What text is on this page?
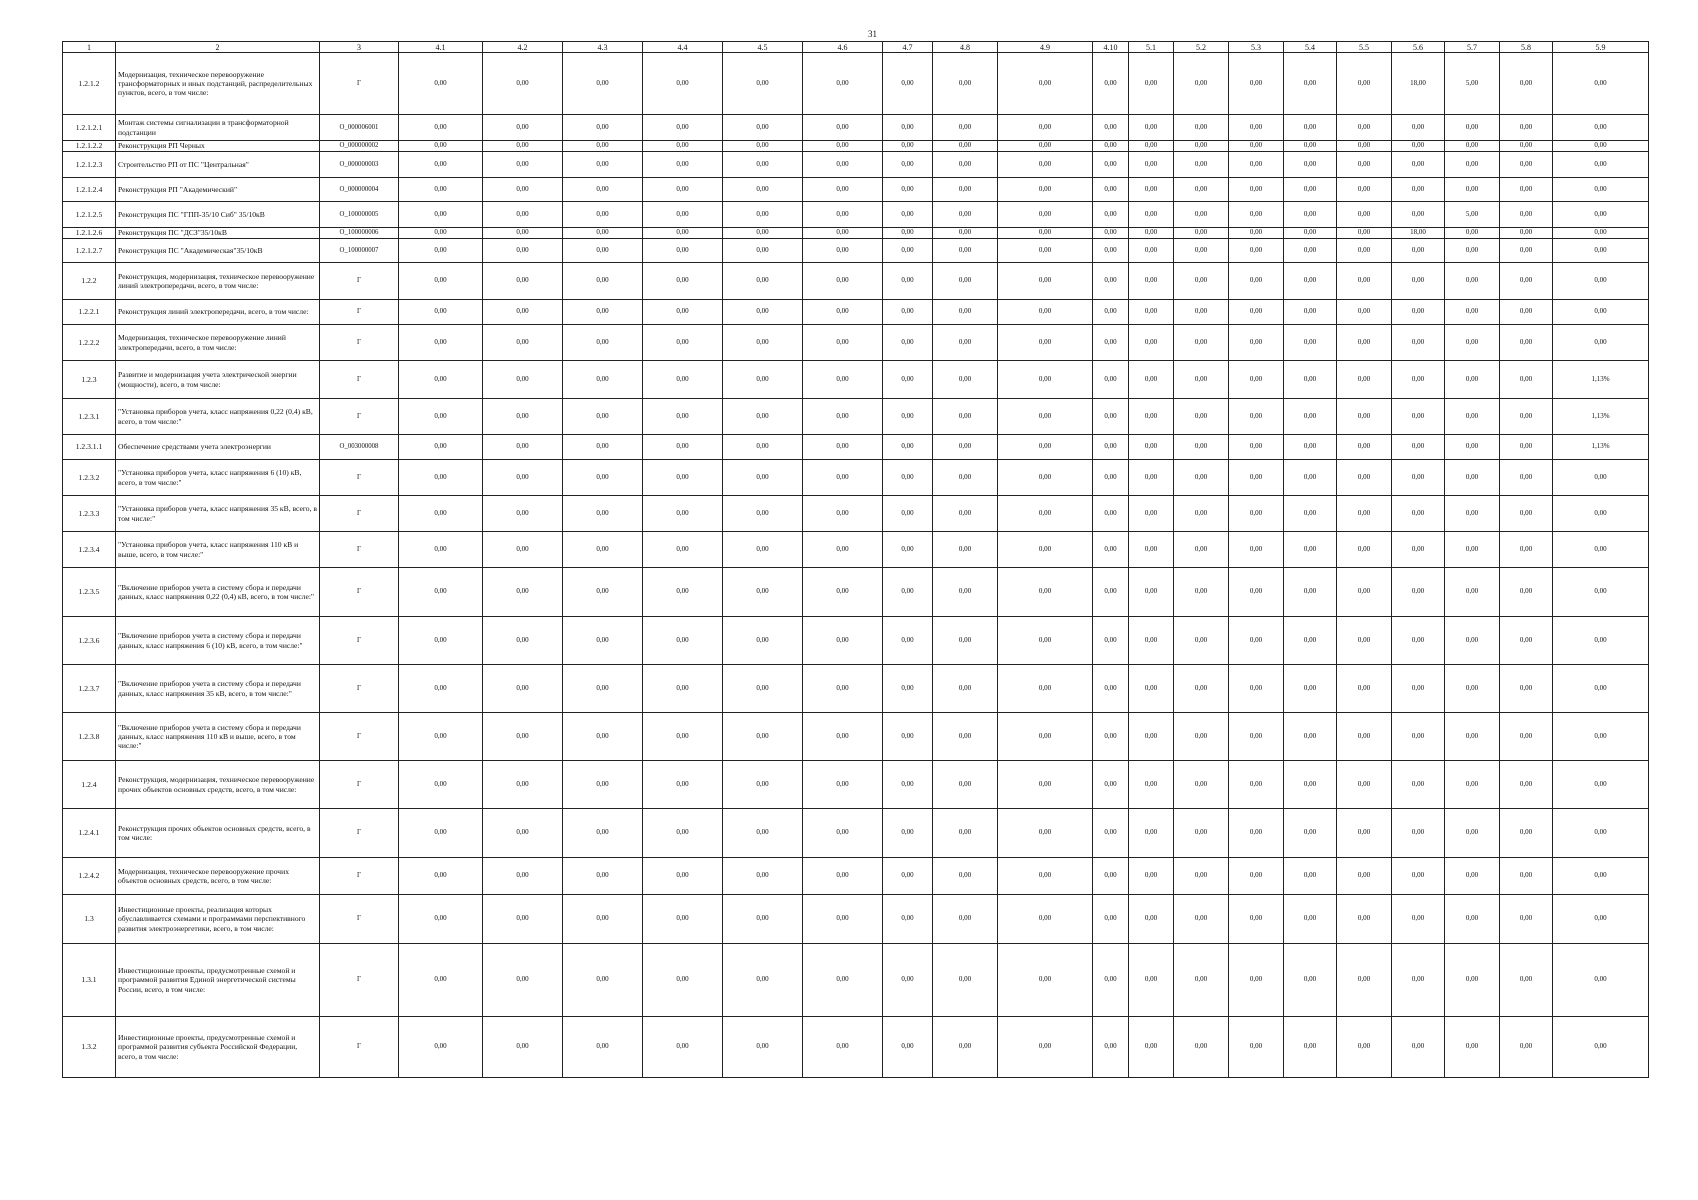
31
1	2	3	4.1	4.2	4.3	4.4	4.5	4.6	4.7	4.8	4.9	4.10	5.1	5.2	5.3	5.4	5.5	5.6	5.7	5.8	5.9
1.2.1.2	Модернизация, техническое перевооружение трансформаторных и иных подстанций, распределительных пунктов, всего, в том числе:	Г	0,00	0,00	0,00	0,00	0,00	0,00	0,00	0,00	0,00	0,00	0,00	0,00	0,00	0,00	0,00	18,00	5,00	0,00	0,00
1.2.1.2.1	Монтаж системы сигнализации в трансформаторной подстанции	O_000006001	0,00	0,00	0,00	0,00	0,00	0,00	0,00	0,00	0,00	0,00	0,00	0,00	0,00	0,00	0,00	0,00	0,00	0,00	0,00
1.2.1.2.2	Реконструкция РП Черных	O_000000002	0,00	0,00	0,00	0,00	0,00	0,00	0,00	0,00	0,00	0,00	0,00	0,00	0,00	0,00	0,00	0,00	0,00	0,00	0,00
1.2.1.2.3	Строительство РП от ПС "Центральная"	O_000000003	0,00	0,00	0,00	0,00	0,00	0,00	0,00	0,00	0,00	0,00	0,00	0,00	0,00	0,00	0,00	0,00	0,00	0,00	0,00
1.2.1.2.4	Реконструкция РП "Академический"	O_000000004	0,00	0,00	0,00	0,00	0,00	0,00	0,00	0,00	0,00	0,00	0,00	0,00	0,00	0,00	0,00	0,00	0,00	0,00	0,00
1.2.1.2.5	Реконструкция ПС "ГПП-35/10 Сиб" 35/10кВ	O_100000005	0,00	0,00	0,00	0,00	0,00	0,00	0,00	0,00	0,00	0,00	0,00	0,00	0,00	0,00	0,00	0,00	5,00	0,00	0,00
1.2.1.2.6	Реконструкция ПС "ДСЗ"35/10кВ	O_100000006	0,00	0,00	0,00	0,00	0,00	0,00	0,00	0,00	0,00	0,00	0,00	0,00	0,00	0,00	0,00	18,00	0,00	0,00	0,00
1.2.1.2.7	Реконструкция ПС "Академическая"35/10кВ	O_100000007	0,00	0,00	0,00	0,00	0,00	0,00	0,00	0,00	0,00	0,00	0,00	0,00	0,00	0,00	0,00	0,00	0,00	0,00	0,00
1.2.2	Реконструкция, модернизация, техническое перевооружение линий электропередачи, всего, в том числе:	Г	0,00	0,00	0,00	0,00	0,00	0,00	0,00	0,00	0,00	0,00	0,00	0,00	0,00	0,00	0,00	0,00	0,00	0,00	0,00
1.2.2.1	Реконструкция линий электропередачи, всего, в том числе:	Г	0,00	0,00	0,00	0,00	0,00	0,00	0,00	0,00	0,00	0,00	0,00	0,00	0,00	0,00	0,00	0,00	0,00	0,00	0,00
1.2.2.2	Модернизация, техническое перевооружение линий электропередачи, всего, в том числе:	Г	0,00	0,00	0,00	0,00	0,00	0,00	0,00	0,00	0,00	0,00	0,00	0,00	0,00	0,00	0,00	0,00	0,00	0,00	0,00
1.2.3	Развитие и модернизация учета электрической энергии (мощности), всего, в том числе:	Г	0,00	0,00	0,00	0,00	0,00	0,00	0,00	0,00	0,00	0,00	0,00	0,00	0,00	0,00	0,00	0,00	0,00	0,00	1,13%
1.2.3.1	"Установка приборов учета, класс напряжения 0,22 (0,4) кВ, всего, в том числе:"	Г	0,00	0,00	0,00	0,00	0,00	0,00	0,00	0,00	0,00	0,00	0,00	0,00	0,00	0,00	0,00	0,00	0,00	0,00	1,13%
1.2.3.1.1	Обеспечение средствами учета электроэнергии	O_003000008	0,00	0,00	0,00	0,00	0,00	0,00	0,00	0,00	0,00	0,00	0,00	0,00	0,00	0,00	0,00	0,00	0,00	0,00	1,13%
1.2.3.2	"Установка приборов учета, класс напряжения 6 (10) кВ, всего, в том числе:"	Г	0,00	0,00	0,00	0,00	0,00	0,00	0,00	0,00	0,00	0,00	0,00	0,00	0,00	0,00	0,00	0,00	0,00	0,00	0,00
1.2.3.3	"Установка приборов учета, класс напряжения 35 кВ, всего, в том числе:"	Г	0,00	0,00	0,00	0,00	0,00	0,00	0,00	0,00	0,00	0,00	0,00	0,00	0,00	0,00	0,00	0,00	0,00	0,00	0,00
1.2.3.4	"Установка приборов учета, класс напряжения 110 кВ и выше, всего, в том числе:"	Г	0,00	0,00	0,00	0,00	0,00	0,00	0,00	0,00	0,00	0,00	0,00	0,00	0,00	0,00	0,00	0,00	0,00	0,00	0,00
1.2.3.5	"Включение приборов учета в систему сбора и передачи данных, класс напряжения 0,22 (0,4) кВ, всего, в том числе:"	Г	0,00	0,00	0,00	0,00	0,00	0,00	0,00	0,00	0,00	0,00	0,00	0,00	0,00	0,00	0,00	0,00	0,00	0,00	0,00
1.2.3.6	"Включение приборов учета в систему сбора и передачи данных, класс напряжения 6 (10) кВ, всего, в том числе:"	Г	0,00	0,00	0,00	0,00	0,00	0,00	0,00	0,00	0,00	0,00	0,00	0,00	0,00	0,00	0,00	0,00	0,00	0,00	0,00
1.2.3.7	"Включение приборов учета в систему сбора и передачи данных, класс напряжения 35 кВ, всего, в том числе:"	Г	0,00	0,00	0,00	0,00	0,00	0,00	0,00	0,00	0,00	0,00	0,00	0,00	0,00	0,00	0,00	0,00	0,00	0,00	0,00
1.2.3.8	"Включение приборов учета в систему сбора и передачи данных, класс напряжения 110 кВ и выше, всего, в том числе:"	Г	0,00	0,00	0,00	0,00	0,00	0,00	0,00	0,00	0,00	0,00	0,00	0,00	0,00	0,00	0,00	0,00	0,00	0,00	0,00
1.2.4	Реконструкция, модернизация, техническое перевооружение прочих объектов основных средств, всего, в том числе:	Г	0,00	0,00	0,00	0,00	0,00	0,00	0,00	0,00	0,00	0,00	0,00	0,00	0,00	0,00	0,00	0,00	0,00	0,00	0,00
1.2.4.1	Реконструкция прочих объектов основных средств, всего, в том числе:	Г	0,00	0,00	0,00	0,00	0,00	0,00	0,00	0,00	0,00	0,00	0,00	0,00	0,00	0,00	0,00	0,00	0,00	0,00	0,00
1.2.4.2	Модернизация, техническое перевооружение прочих объектов основных средств, всего, в том числе:	Г	0,00	0,00	0,00	0,00	0,00	0,00	0,00	0,00	0,00	0,00	0,00	0,00	0,00	0,00	0,00	0,00	0,00	0,00	0,00
1.3	Инвестиционные проекты, реализация которых обуславливается схемами и программами перспективного развития электроэнергетики, всего, в том числе:	Г	0,00	0,00	0,00	0,00	0,00	0,00	0,00	0,00	0,00	0,00	0,00	0,00	0,00	0,00	0,00	0,00	0,00	0,00	0,00
1.3.1	Инвестиционные проекты, предусмотренные схемой и программой развития Единой энергетической системы России, всего, в том числе:	Г	0,00	0,00	0,00	0,00	0,00	0,00	0,00	0,00	0,00	0,00	0,00	0,00	0,00	0,00	0,00	0,00	0,00	0,00	0,00
1.3.2	Инвестиционные проекты, предусмотренные схемой и программой развития субъекта Российской Федерации, всего, в том числе:	Г	0,00	0,00	0,00	0,00	0,00	0,00	0,00	0,00	0,00	0,00	0,00	0,00	0,00	0,00	0,00	0,00	0,00	0,00	0,00
